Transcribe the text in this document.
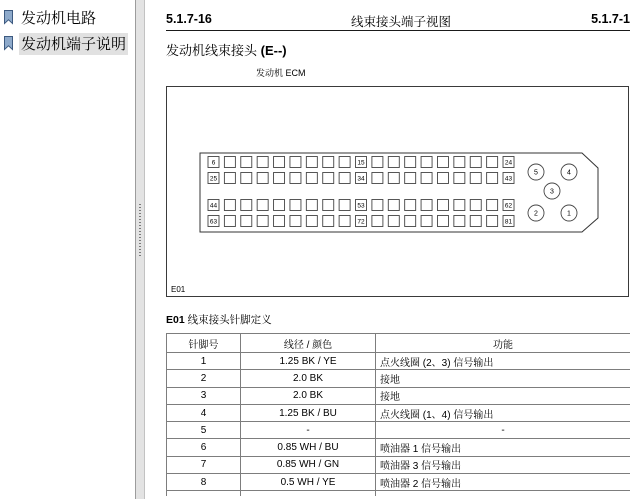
发动机电路
发动机端子说明
5.1.7-16	线束接头端子视图	5.1.7-1
发动机线束接头 (E--)
发动机 ECM
E01
6	15	24
25	34	43
44	53	62
63	72	81
5	4
3
2	1
E01 线束接头针脚定义
针脚号	线径 / 颜色	功能
1	1.25 BK / YE	点火线圈 (2、3) 信号输出
2	2.0 BK	接地
3	2.0 BK	接地
4	1.25 BK / BU	点火线圈 (1、4) 信号输出
5	-	-
6	0.85 WH / BU	喷油器 1 信号输出
7	0.85 WH / GN	喷油器 3 信号输出
8	0.5 WH / YE	喷油器 2 信号输出
